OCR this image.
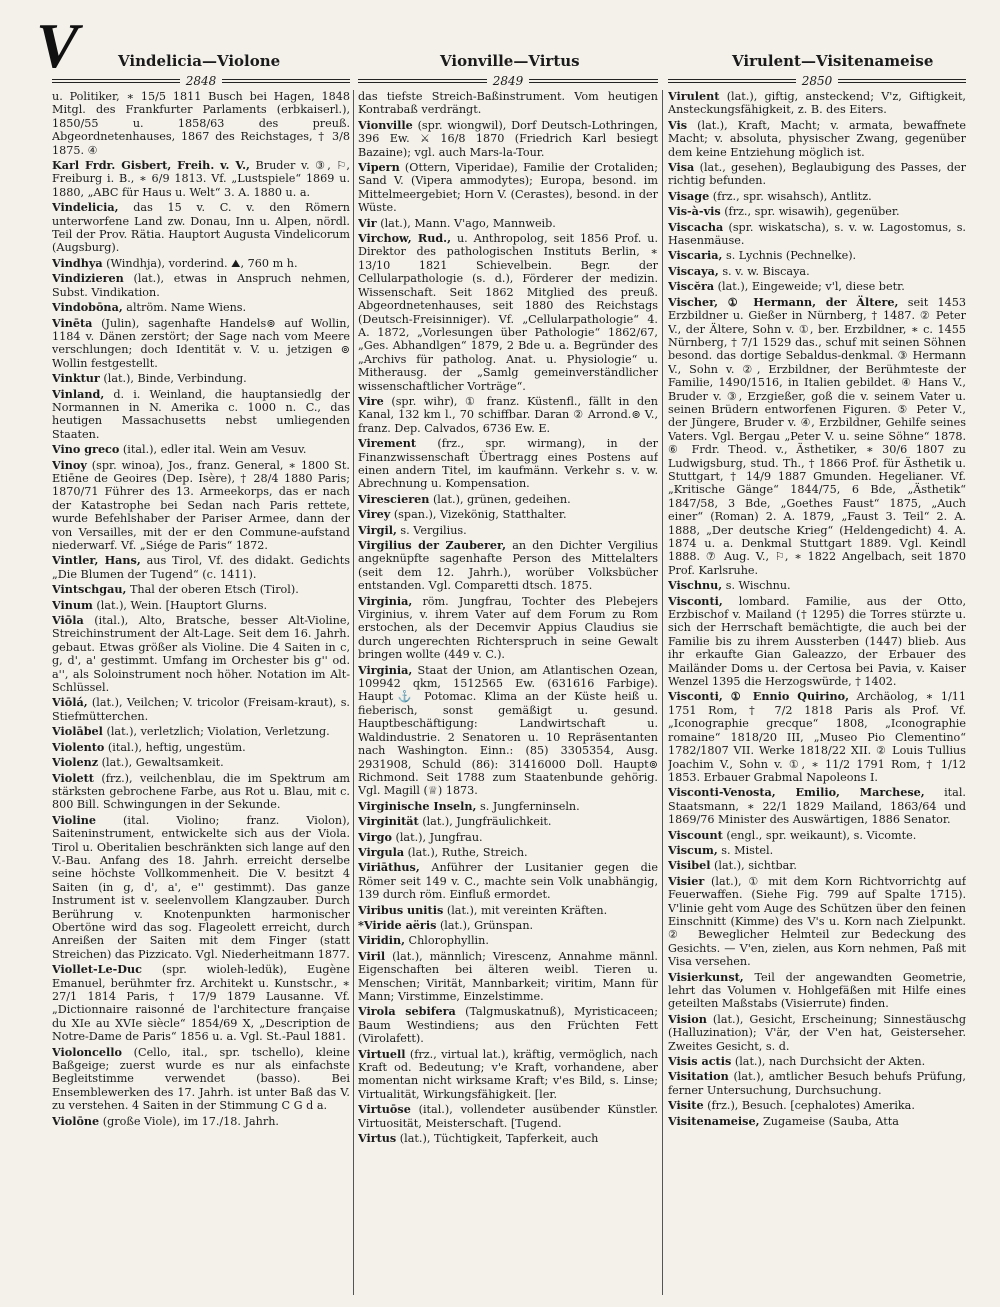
V	Vindelicia—Violone	Vionville—Virtus	Virulent—Visitenameise
2848	2849	2850
u. Politiker, ∗ 15/5 1811 Busch bei Hagen, 1848 Mitgl. des Frankfurter Parlaments (erbkaiserl.), 1850/55 u. 1858/63 des preuß. Abgeordnetenhauses, 1867 des Reichstages, † 3/8 1875. ④
Karl Frdr. Gisbert, Freih. v. V., Bruder v. ③, ⚐, Freiburg i. B., ∗ 6/9 1813. Vf. „Lustspiele“ 1869 u. 1880, „ABC für Haus u. Welt“ 3. A. 1880 u. a.
Vindelicia, das 15 v. C. v. den Römern unterworfene Land zw. Donau, Inn u. Alpen, nördl. Teil der Prov. Rätia. Hauptort Augusta Vindelicorum (Augsburg).
Vindhya (Windhja), vorderind. ⛰, 760 m h.
Vindizieren (lat.), etwas in Anspruch nehmen, Subst. Vindikation.
Vindobōna, altröm. Name Wiens.
Vinēta (Julin), sagenhafte Handels⊚ auf Wollin, 1184 v. Dänen zerstört; der Sage nach vom Meere verschlungen; doch Identität v. V. u. jetzigen ⊚ Wollin festgestellt.
Vinktur (lat.), Binde, Verbindung.
Vinland, d. i. Weinland, die hauptansiedlg der Normannen in N. Amerika c. 1000 n. C., das heutigen Massachusetts nebst umliegenden Staaten.
Vino greco (ital.), edler ital. Wein am Vesuv.
Vinoy (spr. winoa), Jos., franz. General, ∗ 1800 St. Etiēne de Geoires (Dep. Isère), † 28/4 1880 Paris; 1870/71 Führer des 13. Armeekorps, das er nach der Katastrophe bei Sedan nach Paris rettete, wurde Befehlshaber der Pariser Armee, dann der von Versailles, mit der er den Commune-aufstand niederwarf. Vf. „Siége de Paris“ 1872.
Vintler, Hans, aus Tirol, Vf. des didakt. Gedichts „Die Blumen der Tugend“ (c. 1411).
Vintschgau, Thal der oberen Etsch (Tirol).
Vinum (lat.), Wein. [Hauptort Glurns.
Viōla (ital.), Alto, Bratsche, besser Alt-Violine, Streichinstrument der Alt-Lage. Seit dem 16. Jahrh. gebaut. Etwas größer als Violine. Die 4 Saiten in c, g, d', a' gestimmt. Umfang im Orchester bis g'' od. a'', als Soloinstrument noch höher. Notation im Alt-Schlüssel.
Viōlá, (lat.), Veilchen; V. tricolor (Freisam-kraut), s. Stiefmütterchen.
Violābel (lat.), verletzlich; Violation, Verletzung.
Violento (ital.), heftig, ungestüm.
Violenz (lat.), Gewaltsamkeit.
Violett (frz.), veilchenblau, die im Spektrum am stärksten gebrochene Farbe, aus Rot u. Blau, mit c. 800 Bill. Schwingungen in der Sekunde.
Violine (ital. Violino; franz. Violon), Saiteninstrument, entwickelte sich aus der Viola. Tirol u. Oberitalien beschränkten sich lange auf den V.-Bau. Anfang des 18. Jahrh. erreicht derselbe seine höchste Vollkommenheit. Die V. besitzt 4 Saiten (in g, d', a', e'' gestimmt). Das ganze Instrument ist v. seelenvollem Klangzauber. Durch Berührung v. Knotenpunkten harmonischer Obertöne wird das sog. Flageolett erreicht, durch Anreißen der Saiten mit dem Finger (statt Streichen) das Pizzicato. Vgl. Niederheitmann 1877.
Viollet-Le-Duc (spr. wioleh-ledük), Eugène Emanuel, berühmter frz. Architekt u. Kunstschr., ∗ 27/1 1814 Paris, † 17/9 1879 Lausanne. Vf. „Dictionnaire raisonné de l'architecture française du XIe au XVIe siècle“ 1854/69 X, „Description de Notre-Dame de Paris“ 1856 u. a. Vgl. St.-Paul 1881.
Violoncello (Cello, ital., spr. tschello), kleine Baßgeige; zuerst wurde es nur als einfachste Begleitstimme verwendet (basso). Bei Ensemblewerken des 17. Jahrh. ist unter Baß das V. zu verstehen. 4 Saiten in der Stimmung C G d a.
Violōne (große Viole), im 17./18. Jahrh.
das tiefste Streich-Baßinstrument. Vom heutigen Kontrabaß verdrängt.
Vionville (spr. wiongwil), Dorf Deutsch-Lothringen, 396 Ew. ⚔ 16/8 1870 (Friedrich Karl besiegt Bazaine); vgl. auch Mars-la-Tour.
Vipern (Ottern, Viperidae), Familie der Crotaliden; Sand V. (Vipera ammodytes); Europa, besond. im Mittelmeergebiet; Horn V. (Cerastes), besond. in der Wüste.
Vir (lat.), Mann. V'ago, Mannweib.
Virchow, Rud., u. Anthropolog, seit 1856 Prof. u. Direktor des pathologischen Instituts Berlin, ∗ 13/10 1821 Schievelbein. Begr. der Cellularpathologie (s. d.), Förderer der medizin. Wissenschaft. Seit 1862 Mitglied des preuß. Abgeordnetenhauses, seit 1880 des Reichstags (Deutsch-Freisinniger). Vf. „Cellularpathologie“ 4. A. 1872, „Vorlesungen über Pathologie“ 1862/67, „Ges. Abhandlgen“ 1879, 2 Bde u. a. Begründer des „Archivs für patholog. Anat. u. Physiologie“ u. Mitherausg. der „Samlg gemeinverständlicher wissenschaftlicher Vorträge“.
Vire (spr. wihr), ① franz. Küstenfl., fällt in den Kanal, 132 km l., 70 schiffbar. Daran ② Arrond.⊚ V., franz. Dep. Calvados, 6736 Ew. E.
Virement (frz., spr. wirmang), in der Finanzwissenschaft Übertragg eines Postens auf einen andern Titel, im kaufmänn. Verkehr s. v. w. Abrechnung u. Kompensation.
Virescieren (lat.), grünen, gedeihen.
Virey (span.), Vizekönig, Statthalter.
Virgil, s. Vergilius.
Virgilius der Zauberer, an den Dichter Vergilius angeknüpfte sagenhafte Person des Mittelalters (seit dem 12. Jahrh.), worüber Volksbücher entstanden. Vgl. Comparetti dtsch. 1875.
Virginia, röm. Jungfrau, Tochter des Plebejers Virginius, v. ihrem Vater auf dem Forum zu Rom erstochen, als der Decemvir Appius Claudius sie durch ungerechten Richterspruch in seine Gewalt bringen wollte (449 v. C.).
Virginia, Staat der Union, am Atlantischen Ozean, 109942 qkm, 1512565 Ew. (631616 Farbige). Haupt⚓ Potomac. Klima an der Küste heiß u. fieberisch, sonst gemäßigt u. gesund. Hauptbeschäftigung: Landwirtschaft u. Waldindustrie. 2 Senatoren u. 10 Repräsentanten nach Washington. Einn.: (85) 3305354, Ausg. 2931908, Schuld (86): 31416000 Doll. Haupt⊚ Richmond. Seit 1788 zum Staatenbunde gehörig. Vgl. Magill (♕) 1873.
Virginische Inseln, s. Jungferninseln.
Virginität (lat.), Jungfräulichkeit.
Virgo (lat.), Jungfrau.
Virgula (lat.), Ruthe, Streich.
Viriāthus, Anführer der Lusitanier gegen die Römer seit 149 v. C., machte sein Volk unabhängig, 139 durch röm. Einfluß ermordet.
Viribus unitis (lat.), mit vereinten Kräften.
*Viride aëris (lat.), Grünspan.
Viridin, Chlorophyllin.
Viril (lat.), männlich; Virescenz, Annahme männl. Eigenschaften bei älteren weibl. Tieren u. Menschen; Virität, Mannbarkeit; viritim, Mann für Mann; Virstimme, Einzelstimme.
Virola sebifera (Talgmuskatnuß), Myristicaceen; Baum Westindiens; aus den Früchten Fett (Virolafett).
Virtuell (frz., virtual lat.), kräftig, vermöglich, nach Kraft od. Bedeutung; v'e Kraft, vorhandene, aber momentan nicht wirksame Kraft; v'es Bild, s. Linse; Virtualität, Wirkungsfähigkeit. [ler.
Virtuōse (ital.), vollendeter ausübender Künstler. Virtuosität, Meisterschaft. [Tugend.
Virtus (lat.), Tüchtigkeit, Tapferkeit, auch
Virulent (lat.), giftig, ansteckend; V'z, Giftigkeit, Ansteckungsfähigkeit, z. B. des Eiters.
Vis (lat.), Kraft, Macht; v. armata, bewaffnete Macht; v. absoluta, physischer Zwang, gegenüber dem keine Entziehung möglich ist.
Visa (lat., gesehen), Beglaubigung des Passes, der richtig befunden.
Visage (frz., spr. wisahsch), Antlitz.
Vis-à-vis (frz., spr. wisawih), gegenüber.
Viscacha (spr. wiskatscha), s. v. w. Lagostomus, s. Hasenmäuse.
Viscaria, s. Lychnis (Pechnelke).
Viscaya, s. v. w. Biscaya.
Viscĕra (lat.), Eingeweide; v'l, diese betr.
Vischer, ① Hermann, der Ältere, seit 1453 Erzbildner u. Gießer in Nürnberg, † 1487. ② Peter V., der Ältere, Sohn v. ①, ber. Erzbildner, ∗ c. 1455 Nürnberg, † 7/1 1529 das., schuf mit seinen Söhnen besond. das dortige Sebaldus-denkmal. ③ Hermann V., Sohn v. ②, Erzbildner, der Berühmteste der Familie, 1490/1516, in Italien gebildet. ④ Hans V., Bruder v. ③, Erzgießer, goß die v. seinem Vater u. seinen Brüdern entworfenen Figuren. ⑤ Peter V., der Jüngere, Bruder v. ④, Erzbildner, Gehilfe seines Vaters. Vgl. Bergau „Peter V. u. seine Söhne“ 1878. ⑥ Frdr. Theod. v., Ästhetiker, ∗ 30/6 1807 zu Ludwigsburg, stud. Th., † 1866 Prof. für Ästhetik u. Stuttgart, † 14/9 1887 Gmunden. Hegelianer. Vf. „Kritische Gänge“ 1844/75, 6 Bde, „Ästhetik“ 1847/58, 3 Bde, „Goethes Faust“ 1875, „Auch einer“ (Roman) 2. A. 1879, „Faust 3. Teil“ 2. A. 1888, „Der deutsche Krieg“ (Heldengedicht) 4. A. 1874 u. a. Denkmal Stuttgart 1889. Vgl. Keindl 1888. ⑦ Aug. V., ⚐, ∗ 1822 Angelbach, seit 1870 Prof. Karlsruhe.
Vischnu, s. Wischnu.
Visconti, lombard. Familie, aus der Otto, Erzbischof v. Mailand († 1295) die Torres stürzte u. sich der Herrschaft bemächtigte, die auch bei der Familie bis zu ihrem Aussterben (1447) blieb. Aus ihr erkaufte Gian Galeazzo, der Erbauer des Mailänder Doms u. der Certosa bei Pavia, v. Kaiser Wenzel 1395 die Herzogswürde, † 1402.
Visconti, ① Ennio Quirino, Archäolog, ∗ 1/11 1751 Rom, † 7/2 1818 Paris als Prof. Vf. „Iconographie grecque“ 1808, „Iconographie romaine“ 1818/20 III, „Museo Pio Clementino“ 1782/1807 VII. Werke 1818/22 XII. ② Louis Tullius Joachim V., Sohn v. ①, ∗ 11/2 1791 Rom, † 1/12 1853. Erbauer Grabmal Napoleons I.
Visconti-Venosta, Emilio, Marchese, ital. Staatsmann, ∗ 22/1 1829 Mailand, 1863/64 und 1869/76 Minister des Auswärtigen, 1886 Senator.
Viscount (engl., spr. weikaunt), s. Vicomte.
Viscum, s. Mistel.
Visibel (lat.), sichtbar.
Visier (lat.), ① mit dem Korn Richtvorrichtg auf Feuerwaffen. (Siehe Fig. 799 auf Spalte 1715). V'linie geht vom Auge des Schützen über den feinen Einschnitt (Kimme) des V's u. Korn nach Zielpunkt. ② Beweglicher Helmteil zur Bedeckung des Gesichts. — V'en, zielen, aus Korn nehmen, Paß mit Visa versehen.
Visierkunst, Teil der angewandten Geometrie, lehrt das Volumen v. Hohlgefäßen mit Hilfe eines geteilten Maßstabs (Visierrute) finden.
Vision (lat.), Gesicht, Erscheinung; Sinnestäuschg (Halluzination); V'är, der V'en hat, Geisterseher. Zweites Gesicht, s. d.
Visis actis (lat.), nach Durchsicht der Akten.
Visitation (lat.), amtlicher Besuch behufs Prüfung, ferner Untersuchung, Durchsuchung.
Visite (frz.), Besuch. [cephalotes) Amerika.
Visitenameise, Zugameise (Sauba, Atta
